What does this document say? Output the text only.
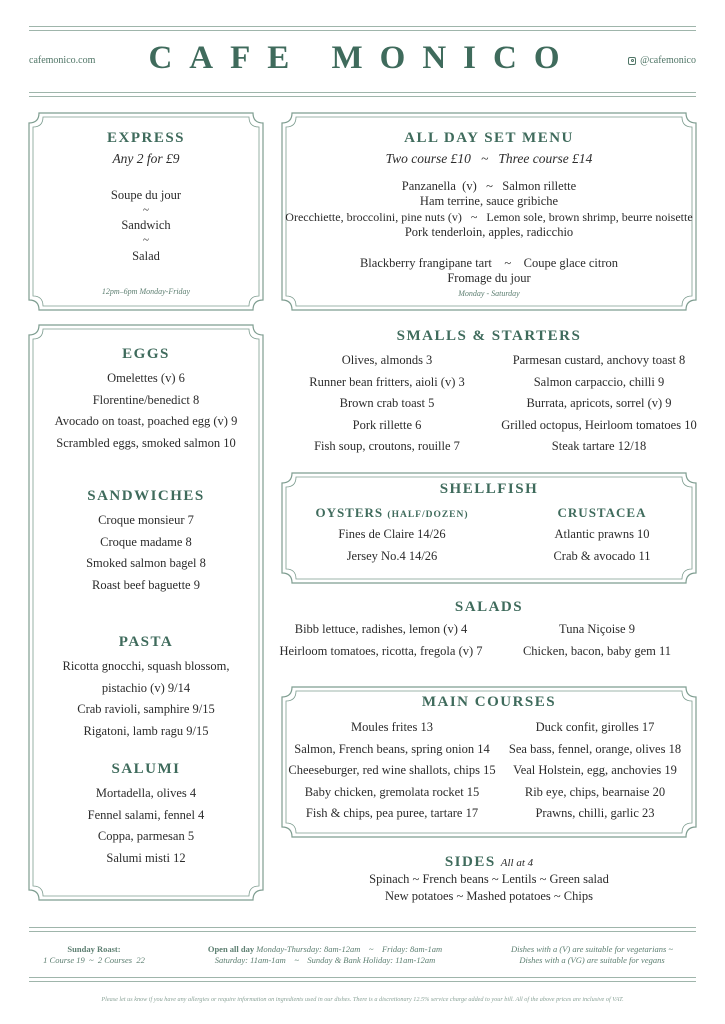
cafemonico.com	CAFE MONICO	@cafemonico
EXPRESS
Any 2 for £9
Soupe du jour
~
Sandwich
~
Salad
12pm–6pm Monday-Friday
ALL DAY SET MENU
Two course £10   ~   Three course £14
Panzanella  (v)   ~   Salmon rillette
Ham terrine, sauce gribiche
Orecchiette, broccolini, pine nuts (v)   ~   Lemon sole, brown shrimp, beurre noisette
Pork tenderloin, apples, radicchio
Blackberry frangipane tart    ~    Coupe glace citron
Fromage du jour
Monday - Saturday
EGGS
Omelettes (v) 6
Florentine/benedict 8
Avocado on toast, poached egg (v) 9
Scrambled eggs, smoked salmon 10
SANDWICHES
Croque monsieur 7
Croque madame 8
Smoked salmon bagel 8
Roast beef baguette 9
PASTA
Ricotta gnocchi, squash blossom,
pistachio (v) 9/14
Crab ravioli, samphire 9/15
Rigatoni, lamb ragu 9/15
SALUMI
Mortadella, olives 4
Fennel salami, fennel 4
Coppa, parmesan 5
Salumi misti 12
SMALLS & STARTERS
Olives, almonds 3
Runner bean fritters, aioli (v) 3
Brown crab toast 5
Pork rillette 6
Fish soup, croutons, rouille 7
Parmesan custard, anchovy toast 8
Salmon carpaccio, chilli 9
Burrata, apricots, sorrel (v) 9
Grilled octopus, Heirloom tomatoes 10
Steak tartare 12/18
SHELLFISH
OYSTERS (HALF/DOZEN)
Fines de Claire 14/26
Jersey No.4 14/26
CRUSTACEA
Atlantic prawns 10
Crab & avocado 11
SALADS
Bibb lettuce, radishes, lemon (v) 4
Heirloom tomatoes, ricotta, fregola (v) 7
Tuna Niçoise 9
Chicken, bacon, baby gem 11
MAIN COURSES
Moules frites 13
Salmon, French beans, spring onion 14
Cheeseburger, red wine shallots, chips 15
Baby chicken, gremolata rocket 15
Fish & chips, pea puree, tartare 17
Duck confit, girolles 17
Sea bass, fennel, orange, olives 18
Veal Holstein, egg, anchovies 19
Rib eye, chips, bearnaise 20
Prawns, chilli, garlic 23
SIDES All at 4
Spinach ~ French beans ~ Lentils ~ Green salad
New potatoes ~ Mashed potatoes ~ Chips
Sunday Roast:
1 Course 19  ~  2 Courses  22
Open all day Monday-Thursday: 8am-12am    ~    Friday: 8am-1am
Saturday: 11am-1am    ~    Sunday & Bank Holiday: 11am-12am
Dishes with a (V) are suitable for vegetarians ~
Dishes with a (VG) are suitable for vegans
Please let us know if you have any allergies or require information on ingredients used in our dishes. There is a discretionary 12.5% service charge added to your bill. All of the above prices are inclusive of VAT.
